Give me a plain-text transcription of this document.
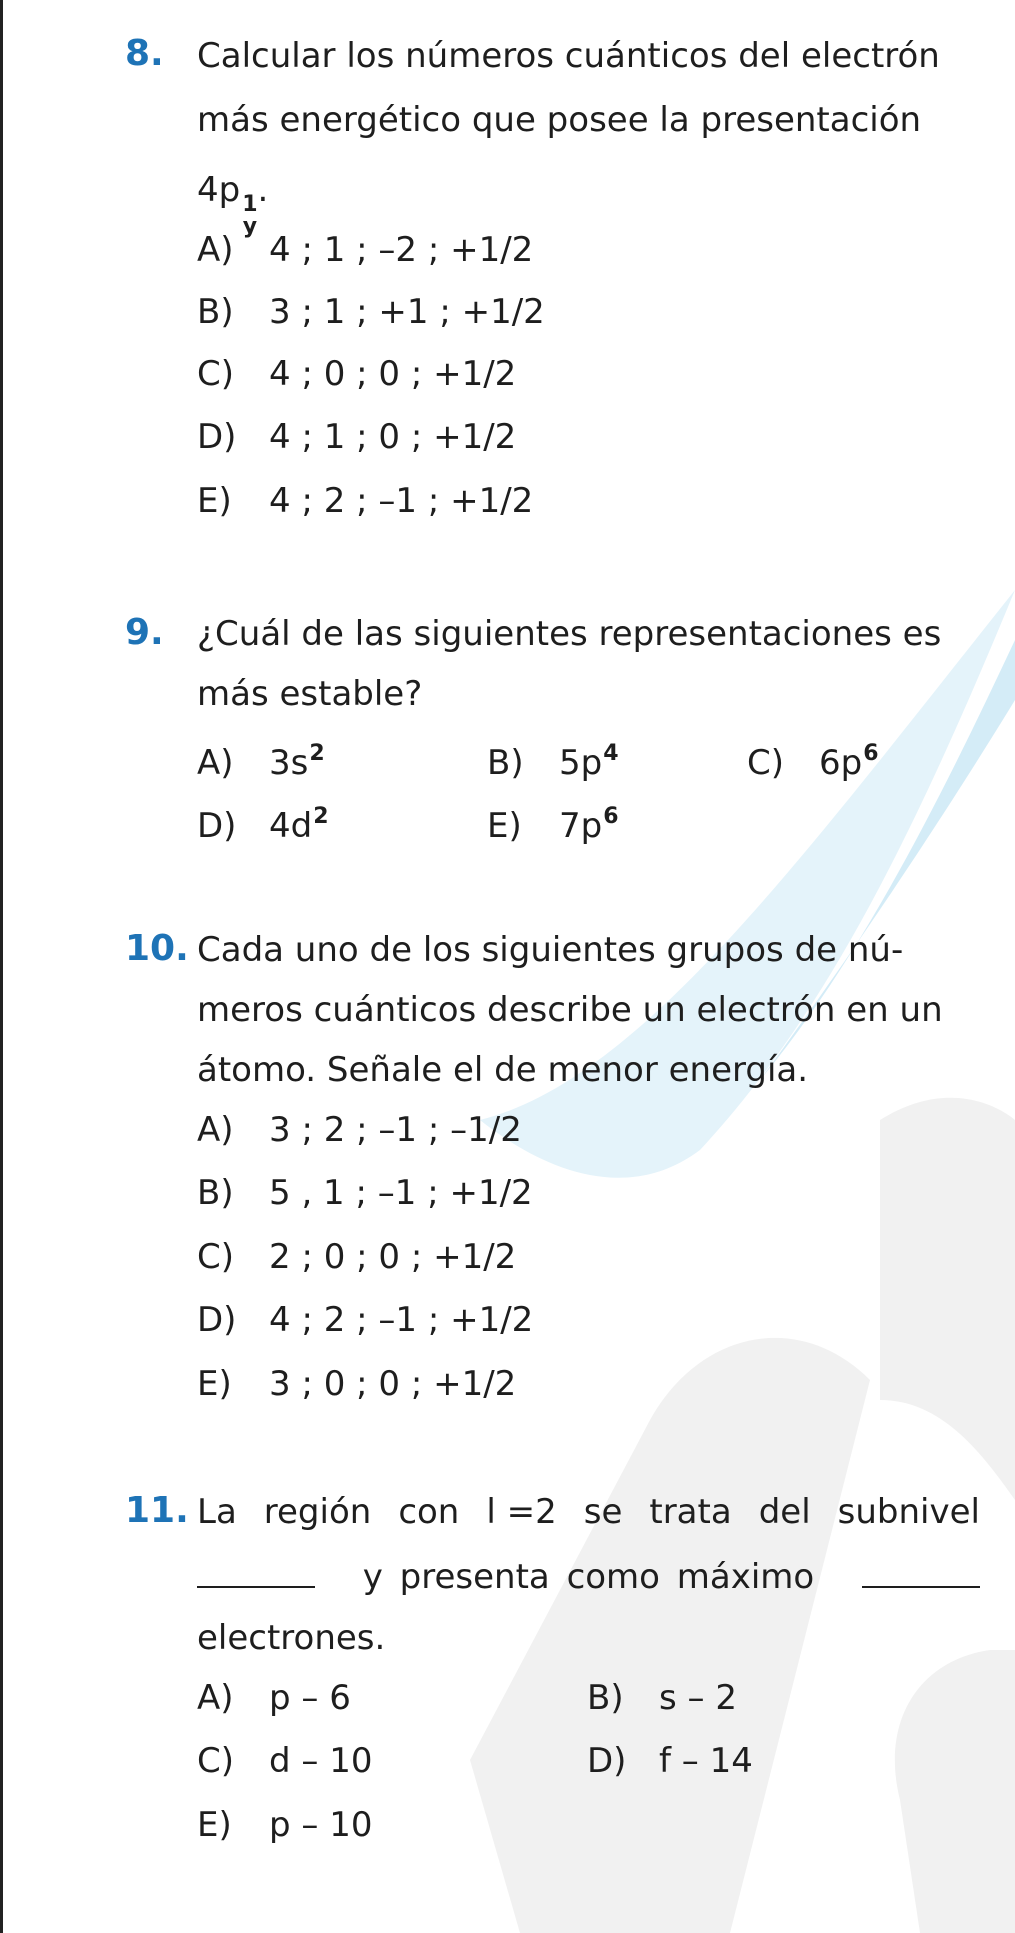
8. Calcular los números cuánticos del electrón
más energético que posee la presentación
4p 1
y
.
A) 4 ; 1 ; –2 ; +1/2
B) 3 ; 1 ; +1 ; +1/2
C) 4 ; 0 ; 0 ; +1/2
D) 4 ; 1 ; 0 ; +1/2
E) 4 ; 2 ; –1 ; +1/2
9. ¿Cuál de las siguientes representaciones es
más estable?
A) $3s^2$	B) $5p^4$	C) $6p^6$
D) $4d^2$	E) $7p^6$
10. Cada uno de los siguientes grupos de nú-
meros cuánticos describe un electrón en un
átomo. Señale el de menor energía.
A) 3 ; 2 ; –1 ; –1/2
B) 5 , 1 ; –1 ; +1/2
C) 2 ; 0 ; 0 ; +1/2
D) 4 ; 2 ; –1 ; +1/2
E) 3 ; 0 ; 0 ; +1/2
11. La región con l =2 se trata del subnivel
y presenta como máximo
electrones.
A) p – 6	B) s – 2
C) d – 10	D) f – 14
E) p – 10
